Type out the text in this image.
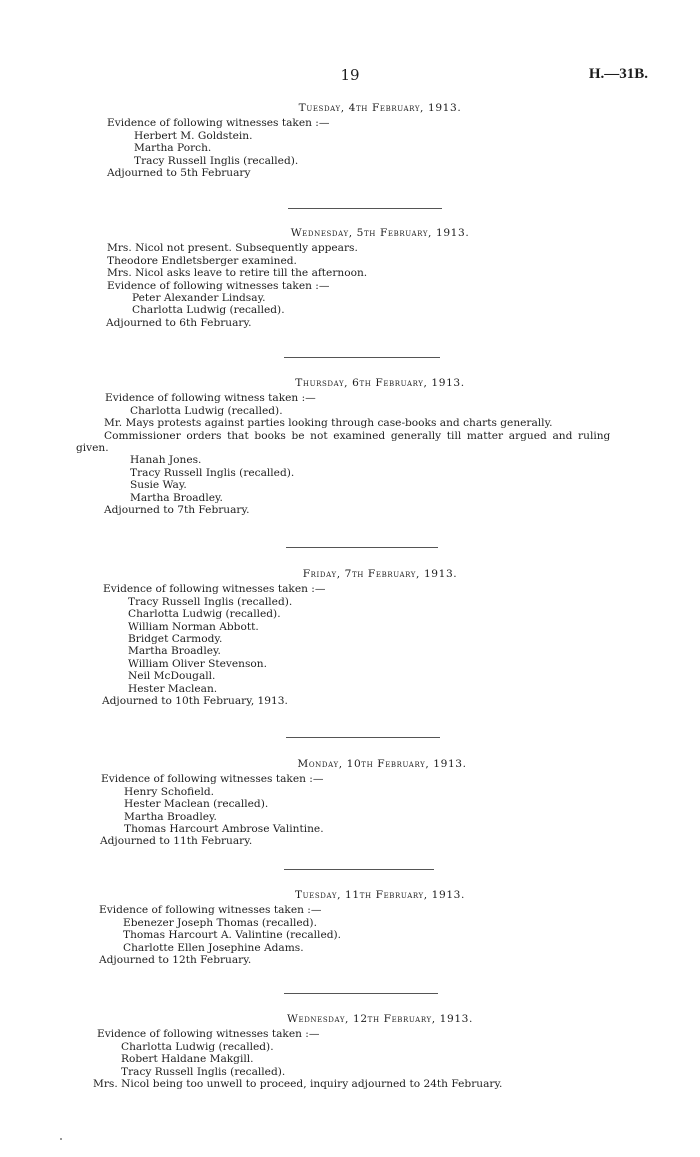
19	H.—31B.
Tuesday, 4th February, 1913.
Evidence of following witnesses taken :—
Herbert M. Goldstein.
Martha Porch.
Tracy Russell Inglis (recalled).
Adjourned to 5th February
Wednesday, 5th February, 1913.
Mrs. Nicol not present. Subsequently appears.
Theodore Endletsberger examined.
Mrs. Nicol asks leave to retire till the afternoon.
Evidence of following witnesses taken :—
Peter Alexander Lindsay.
Charlotta Ludwig (recalled).
Adjourned to 6th February.
Thursday, 6th February, 1913.
Evidence of following witness taken :—
Charlotta Ludwig (recalled).
Mr. Mays protests against parties looking through case-books and charts generally.
Commissioner orders that books be not examined generally till matter argued and ruling
given.
Hanah Jones.
Tracy Russell Inglis (recalled).
Susie Way.
Martha Broadley.
Adjourned to 7th February.
Friday, 7th February, 1913.
Evidence of following witnesses taken :—
Tracy Russell Inglis (recalled).
Charlotta Ludwig (recalled).
William Norman Abbott.
Bridget Carmody.
Martha Broadley.
William Oliver Stevenson.
Neil McDougall.
Hester Maclean.
Adjourned to 10th February, 1913.
Monday, 10th February, 1913.
Evidence of following witnesses taken :—
Henry Schofield.
Hester Maclean (recalled).
Martha Broadley.
Thomas Harcourt Ambrose Valintine.
Adjourned to 11th February.
Tuesday, 11th February, 1913.
Evidence of following witnesses taken :—
Ebenezer Joseph Thomas (recalled).
Thomas Harcourt A. Valintine (recalled).
Charlotte Ellen Josephine Adams.
Adjourned to 12th February.
Wednesday, 12th February, 1913.
Evidence of following witnesses taken :—
Charlotta Ludwig (recalled).
Robert Haldane Makgill.
Tracy Russell Inglis (recalled).
Mrs. Nicol being too unwell to proceed, inquiry adjourned to 24th February.
